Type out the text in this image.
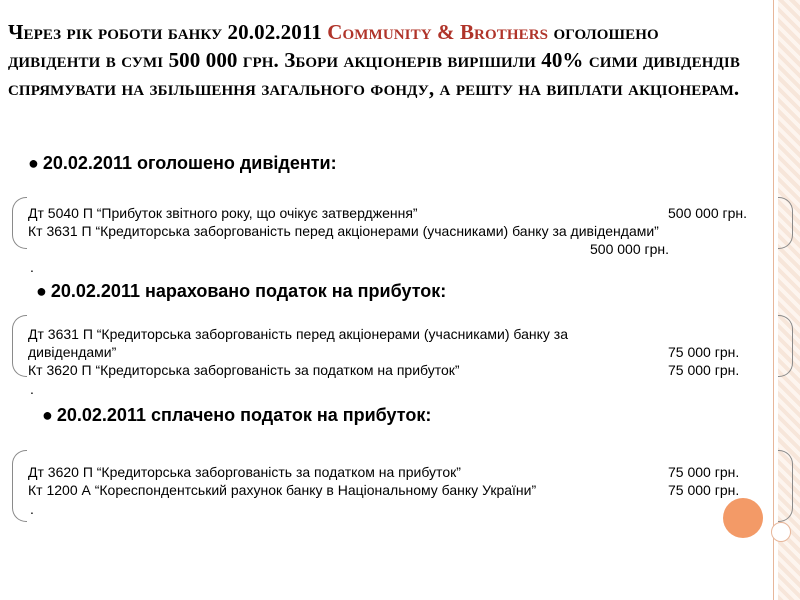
Через рік роботи банку 20.02.2011 Community & Brothers оголошено дивіденти в сумі 500 000 грн. Збори акціонерів вирішили 40% сими дивідендів спрямувати на збільшення загального фонду, а решту на виплати акціонерам.
● 20.02.2011 оголошено дивіденти:
Дт 5040 П “Прибуток звітного року, що очікує затвердження”	500 000 грн.
Кт 3631 П “Кредиторська заборгованість перед акціонерами (учасниками) банку за дивідендами”
500 000 грн.
.
● 20.02.2011 нараховано податок на прибуток:
Дт 3631 П “Кредиторська заборгованість перед акціонерами (учасниками) банку за
дивідендами”	75 000 грн.
Кт 3620 П “Кредиторська заборгованість за податком на прибуток”	75 000 грн.
.
● 20.02.2011 сплачено податок на прибуток:
Дт 3620 П “Кредиторська заборгованість за податком на прибуток”	75 000 грн.
Кт 1200 А “Кореспондентський рахунок банку в Національному банку України”	75 000 грн.
.
